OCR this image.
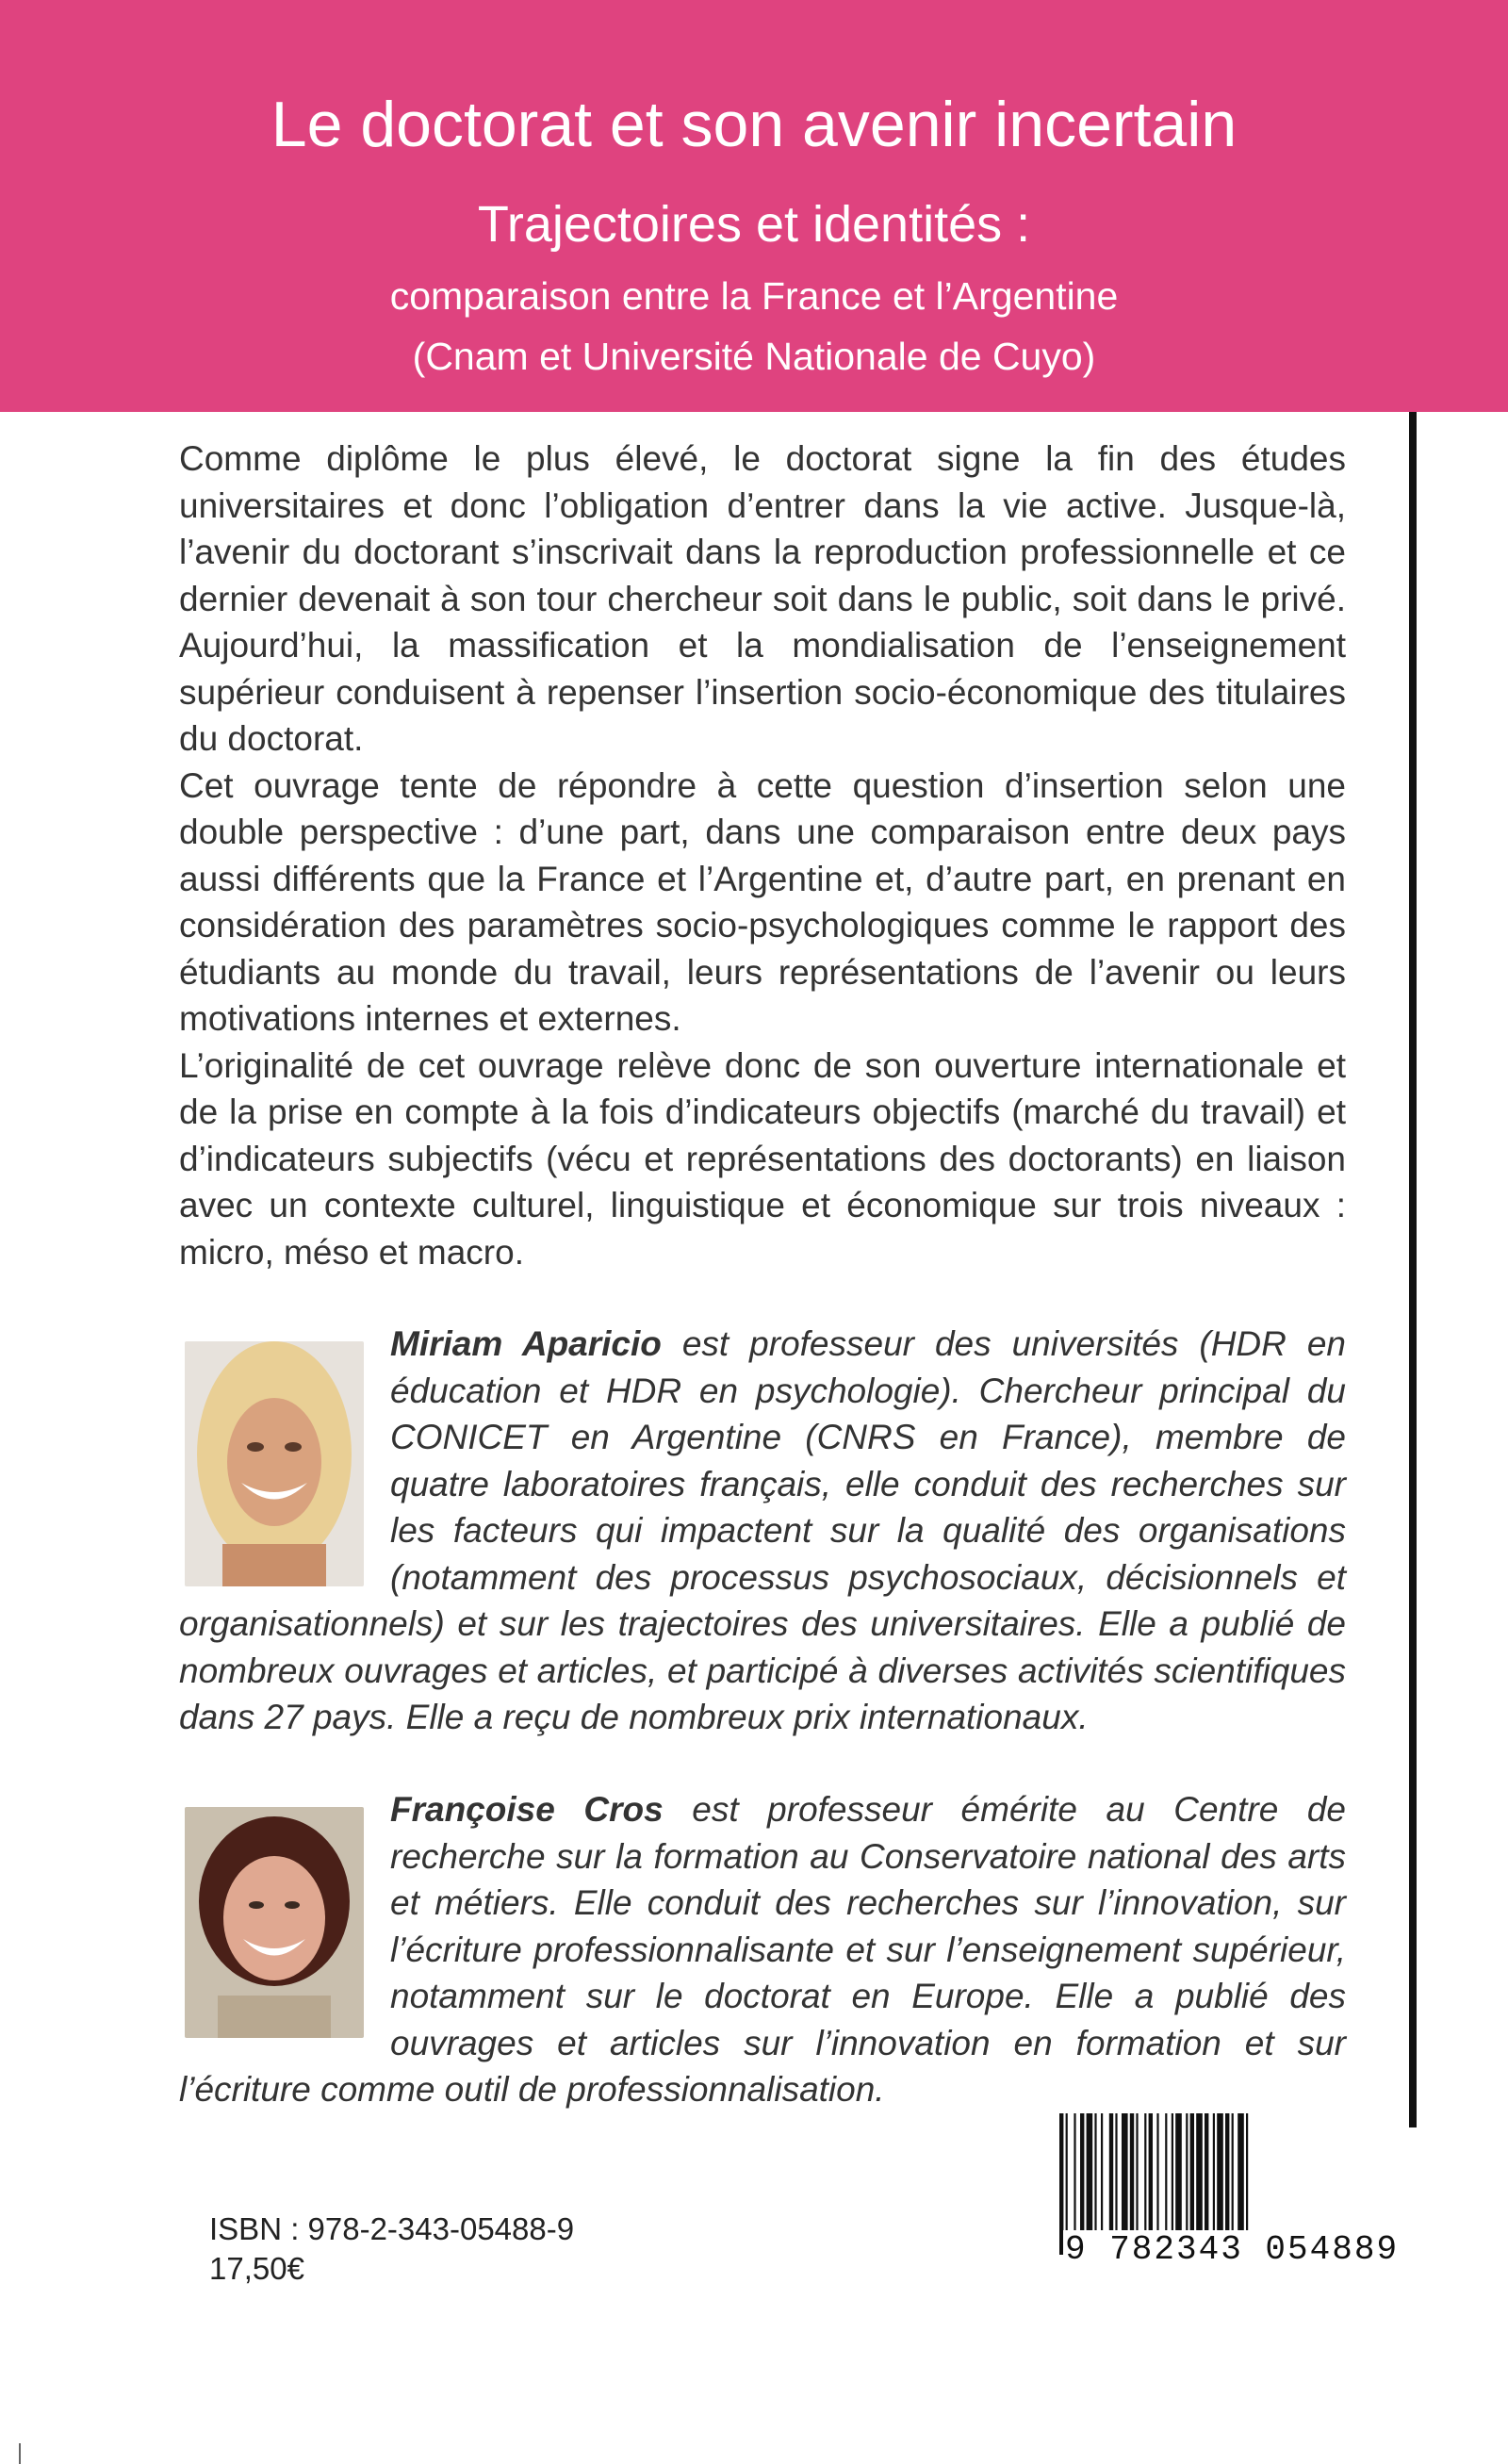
Le doctorat et son avenir incertain
Trajectoires et identités :
comparaison entre la France et l’Argentine
(Cnam et Université Nationale de Cuyo)

Comme diplôme le plus élevé, le doctorat signe la fin des études universitaires et donc l’obligation d’entrer dans la vie active. Jusque-là, l’avenir du doctorant s’inscrivait dans la reproduction professionnelle et ce dernier devenait à son tour chercheur soit dans le public, soit dans le privé. Aujourd’hui, la massification et la mondialisation de l’enseignement supérieur conduisent à repenser l’insertion socio-économique des titulaires du doctorat.

Cet ouvrage tente de répondre à cette question d’insertion selon une double perspective : d’une part, dans une comparaison entre deux pays aussi différents que la France et l’Argentine et, d’autre part, en prenant en considération des paramètres socio-psychologiques comme le rapport des étudiants au monde du travail, leurs représentations de l’avenir ou leurs motivations internes et externes.

L’originalité de cet ouvrage relève donc de son ouverture internationale et de la prise en compte à la fois d’indicateurs objectifs (marché du travail) et d’indicateurs subjectifs (vécu et représentations des doctorants) en liaison avec un contexte culturel, linguistique et économique sur trois niveaux : micro, méso et macro.

Miriam Aparicio est professeur des universités (HDR en éducation et HDR en psychologie). Chercheur principal du CONICET en Argentine (CNRS en France), membre de quatre laboratoires français, elle conduit des recherches sur les facteurs qui impactent sur la qualité des organisations (notamment des processus psychosociaux, décisionnels et organisationnels) et sur les trajectoires des universitaires. Elle a publié de nombreux ouvrages et articles, et participé à diverses activités scientifiques dans 27 pays. Elle a reçu de nombreux prix internationaux.
Françoise Cros est professeur émérite au Centre de recherche sur la formation au Conservatoire national des arts et métiers. Elle conduit des recherches sur l’innovation, sur l’écriture professionnalisante et sur l’enseignement supérieur, notamment sur le doctorat en Europe. Elle a publié des ouvrages et articles sur l’innovation en formation et sur l’écriture comme outil de professionnalisation.
ISBN : 978-2-343-05488-9
17,50€	9 782343 054889
